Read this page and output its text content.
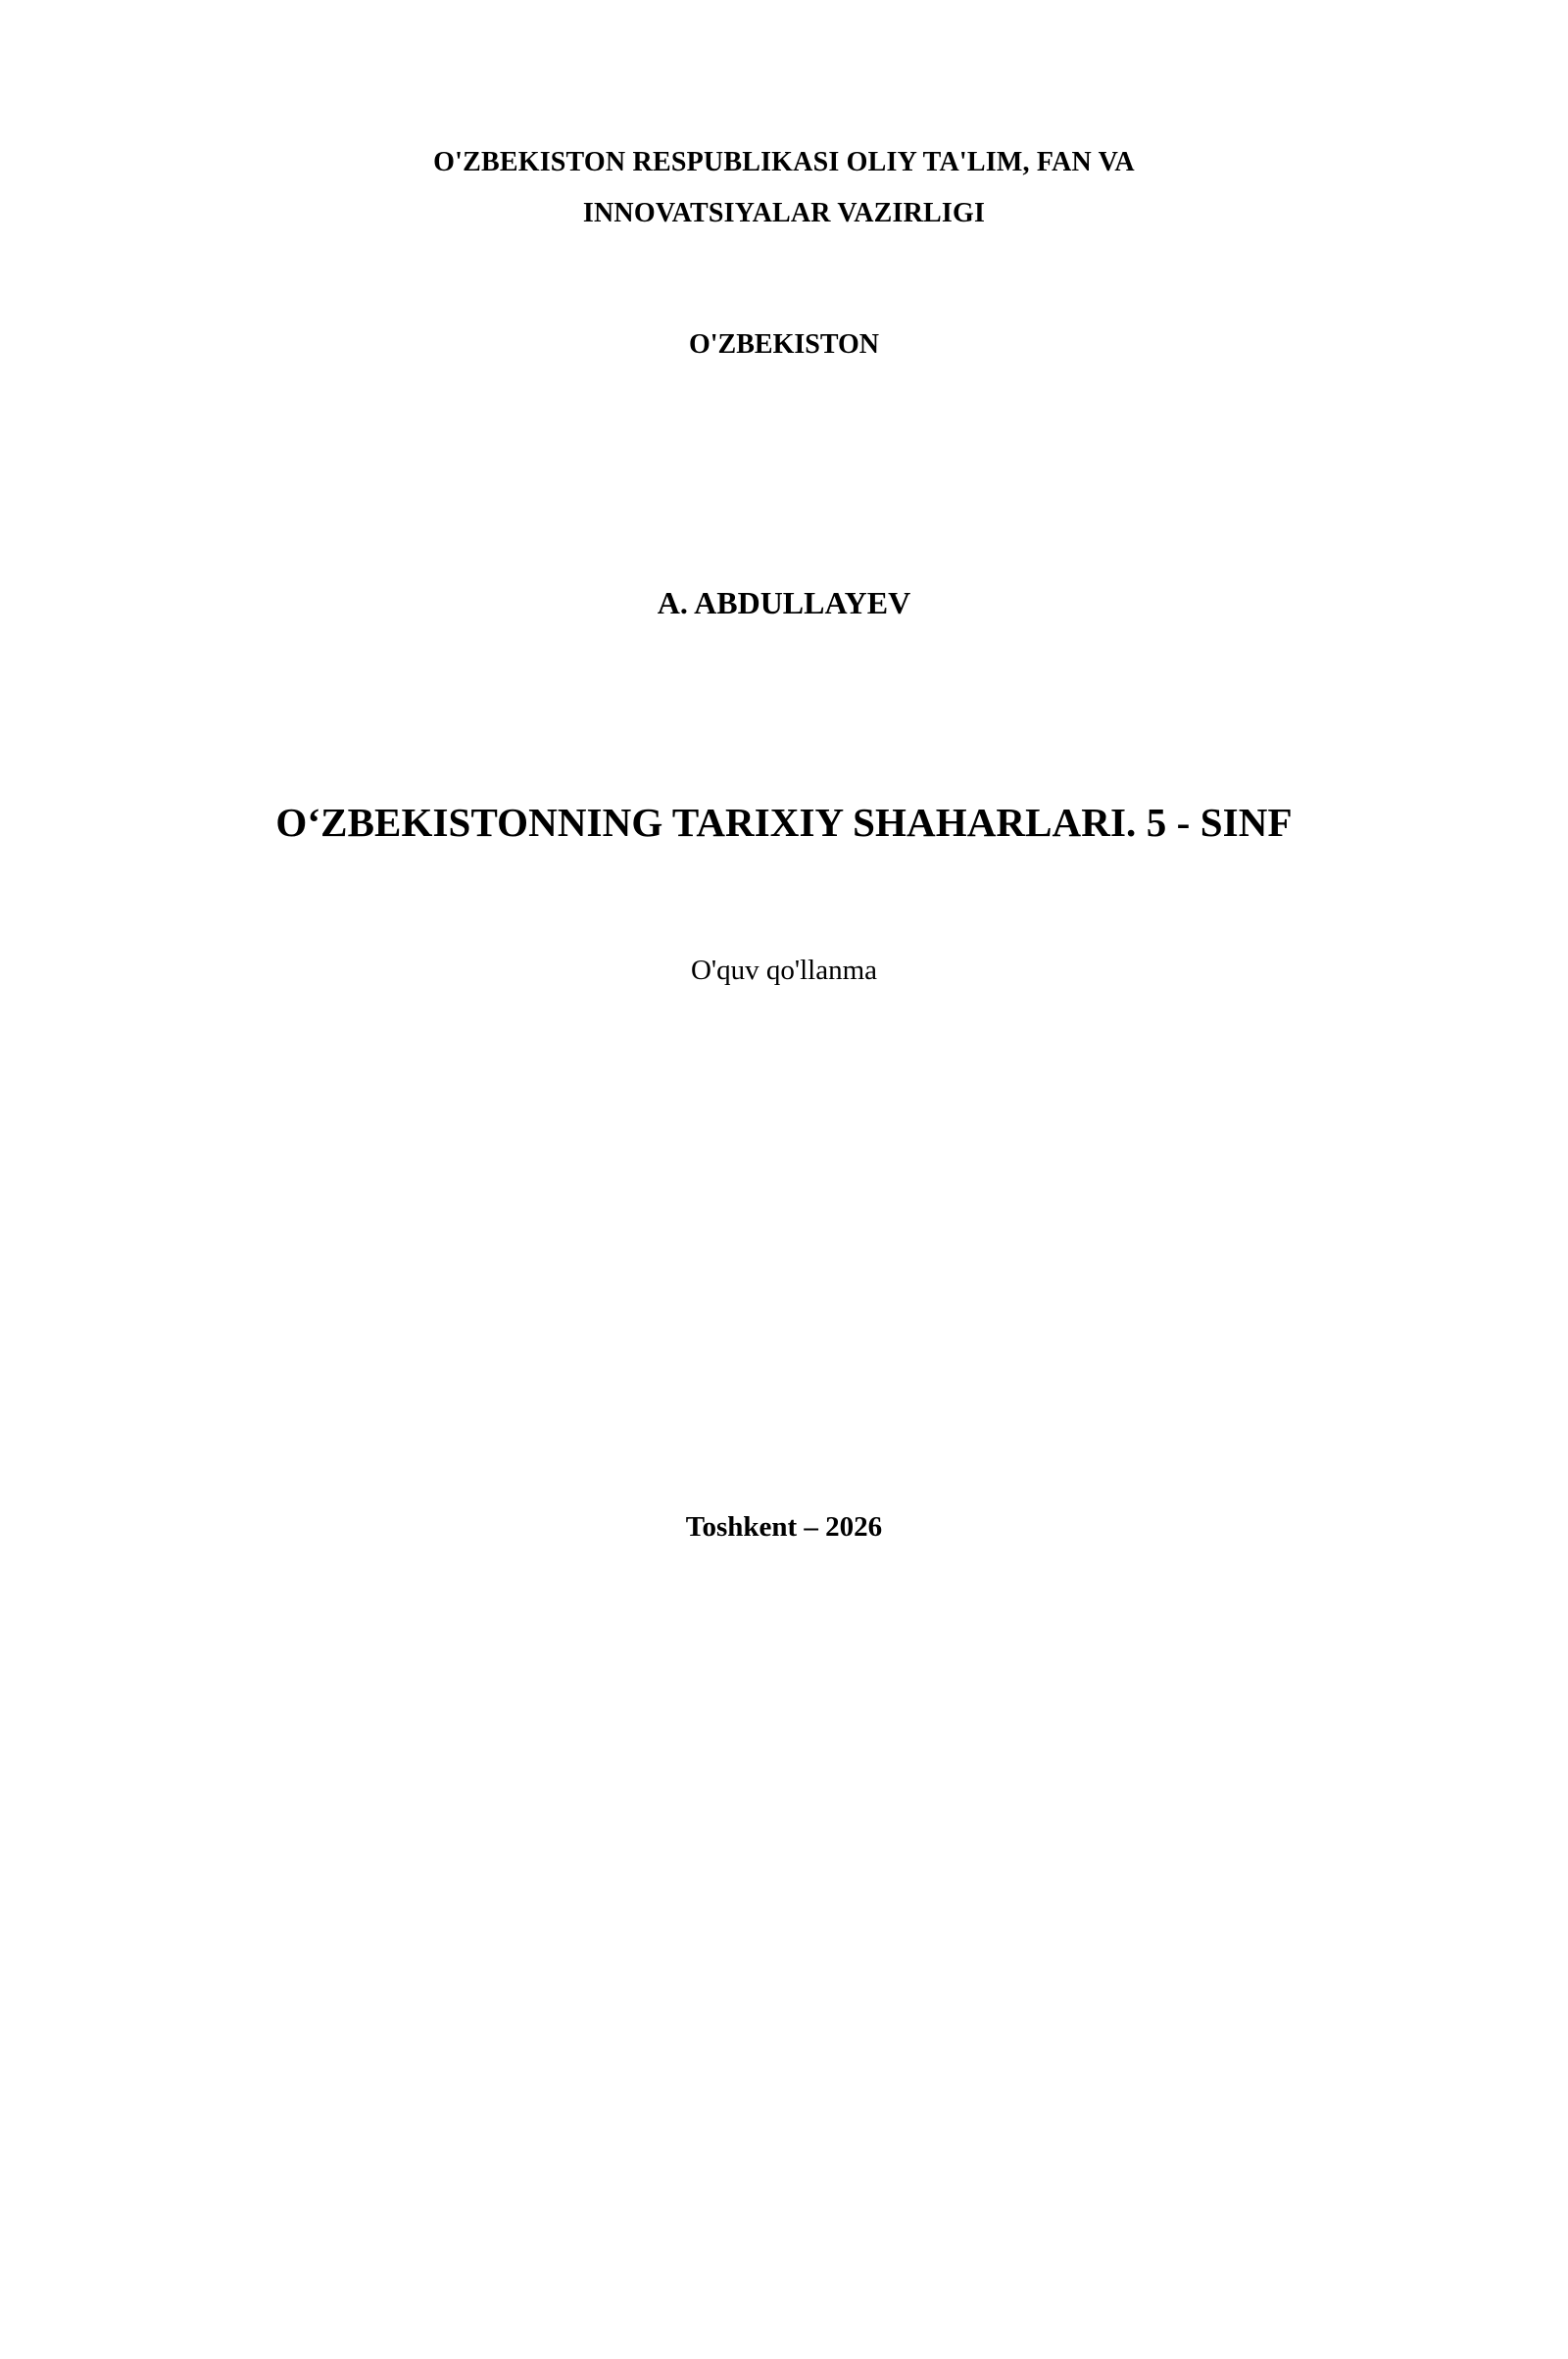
O'ZBEKISTON RESPUBLIKASI OLIY TA'LIM, FAN VA
INNOVATSIYALAR VAZIRLIGI
O'ZBEKISTON
A. ABDULLAYEV
O‘ZBEKISTONNING TARIXIY SHAHARLARI. 5 - SINF
O'quv qo'llanma
Toshkent – 2026
